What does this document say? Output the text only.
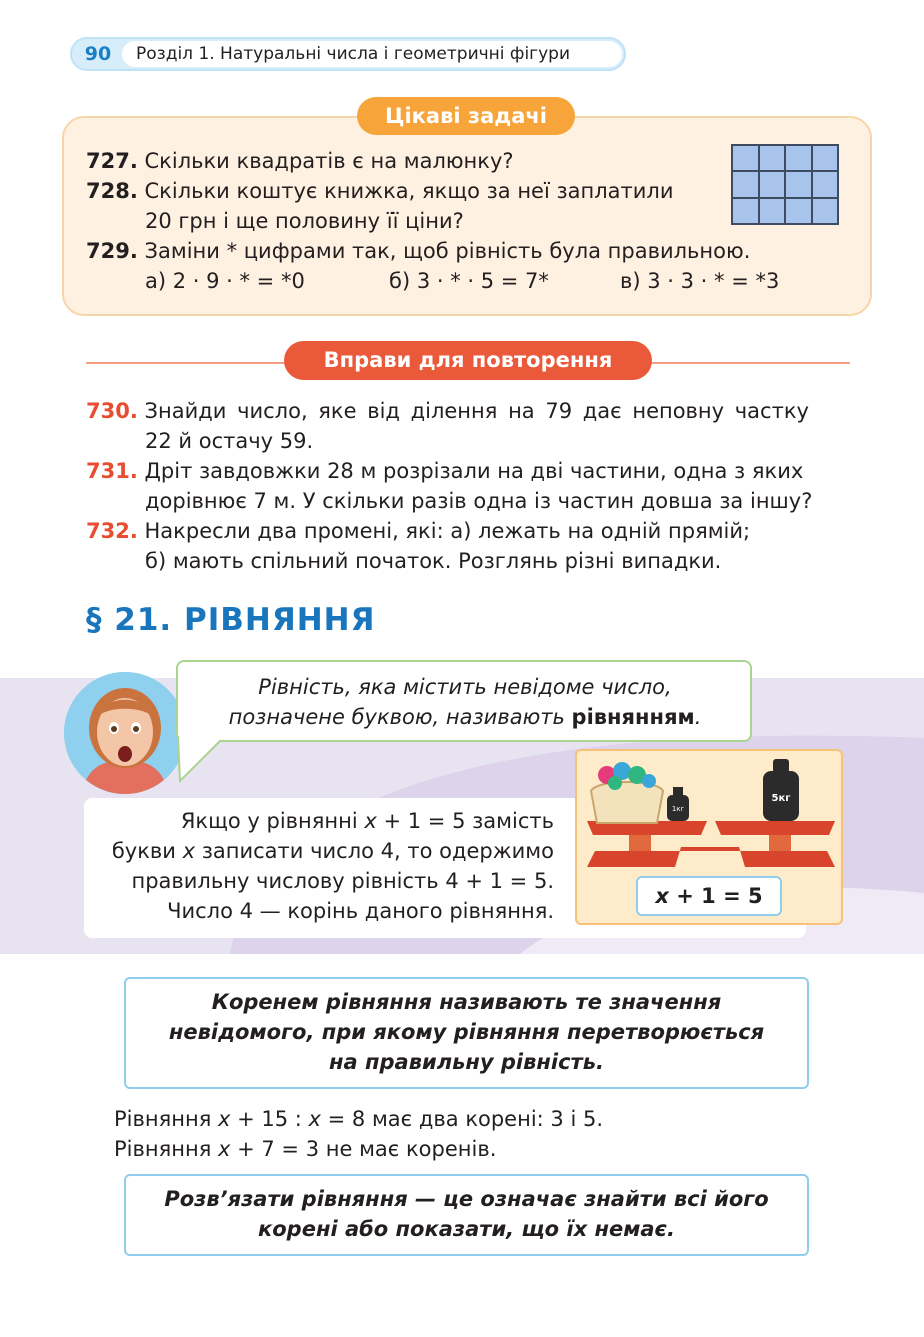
90	Розділ 1. Натуральні числа і геометричні фігури
Цікаві задачі
727. Скільки квадратів є на малюнку?
728. Скільки коштує книжка, якщо за неї заплатили
20 грн і ще половину її ціни?
729. Заміни * цифрами так, щоб рівність була правильною.
а) 2 · 9 · * = *0	б) 3 · * · 5 = 7*	в) 3 · 3 · * = *3
Вправи для повторення
730. Знайди число, яке від ділення на 79 дає неповну частку
22 й остачу 59.
731. Дріт завдовжки 28 м розрізали на дві частини, одна з яких
дорівнює 7 м. У скільки разів одна із частин довша за іншу?
732. Накресли два промені, які: а) лежать на одній прямій;
б) мають спільний початок. Розглянь різні випадки.
§ 21. РІВНЯННЯ
Рівність, яка містить невідоме число,
позначене буквою, називають рівнянням.
Якщо у рівнянні x + 1 = 5 замість
букви x записати число 4, то одержимо
правильну числову рівність 4 + 1 = 5.
Число 4 — корінь даного рівняння.
1кг
5кг
x + 1 = 5
Коренем рівняння називають те значення
невідомого, при якому рівняння перетворюється
на правильну рівність.
Рівняння x + 15 : x = 8 має два корені: 3 і 5.
Рівняння x + 7 = 3 не має коренів.
Розв’язати рівняння — це означає знайти всі його
корені або показати, що їх немає.
